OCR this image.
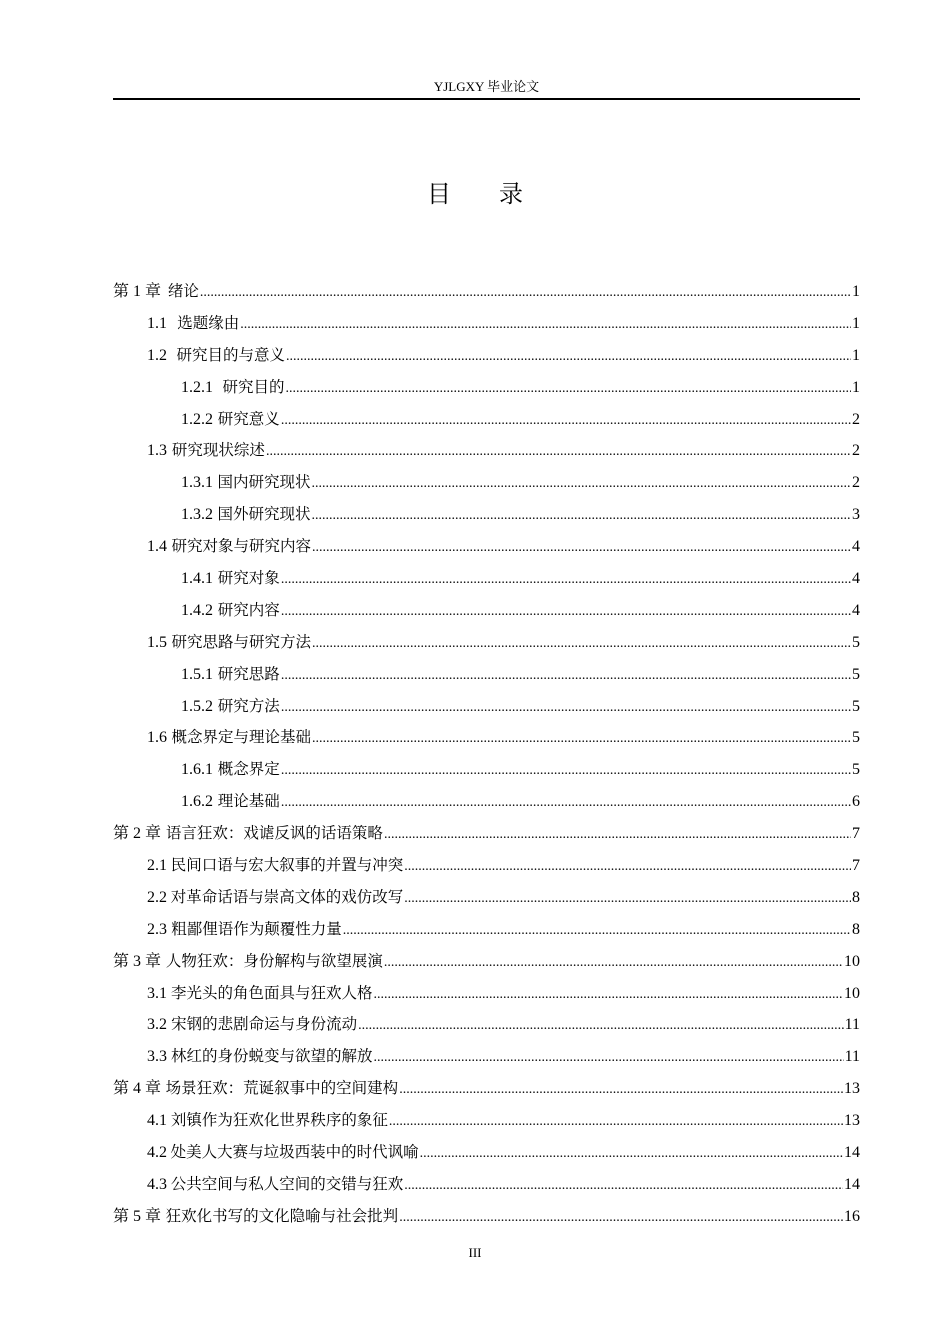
YJLGXY 毕业论文
目录
第 1 章 绪论 .....	1
1.1 选题缘由 .....	1
1.2 研究目的与意义 .....	1
1.2.1 研究目的 .....	1
1.2.2 研究意义 .....	2
1.3 研究现状综述 .....	2
1.3.1 国内研究现状 .....	2
1.3.2 国外研究现状 .....	3
1.4 研究对象与研究内容 .....	4
1.4.1 研究对象 .....	4
1.4.2 研究内容 .....	4
1.5 研究思路与研究方法 .....	5
1.5.1 研究思路 .....	5
1.5.2 研究方法 .....	5
1.6 概念界定与理论基础 .....	5
1.6.1 概念界定 .....	5
1.6.2 理论基础 .....	6
第 2 章 语言狂欢：戏谑反讽的话语策略 .....	7
2.1 民间口语与宏大叙事的并置与冲突 .....	7
2.2 对革命话语与崇高文体的戏仿改写 .....	8
2.3 粗鄙俚语作为颠覆性力量 .....	8
第 3 章 人物狂欢：身份解构与欲望展演 .....	10
3.1 李光头的角色面具与狂欢人格 .....	10
3.2 宋钢的悲剧命运与身份流动 .....	11
3.3 林红的身份蜕变与欲望的解放 .....	11
第 4 章 场景狂欢：荒诞叙事中的空间建构 .....	13
4.1 刘镇作为狂欢化世界秩序的象征 .....	13
4.2 处美人大赛与垃圾西装中的时代讽喻 .....	14
4.3 公共空间与私人空间的交错与狂欢 .....	14
第 5 章 狂欢化书写的文化隐喻与社会批判 .....	16
III
